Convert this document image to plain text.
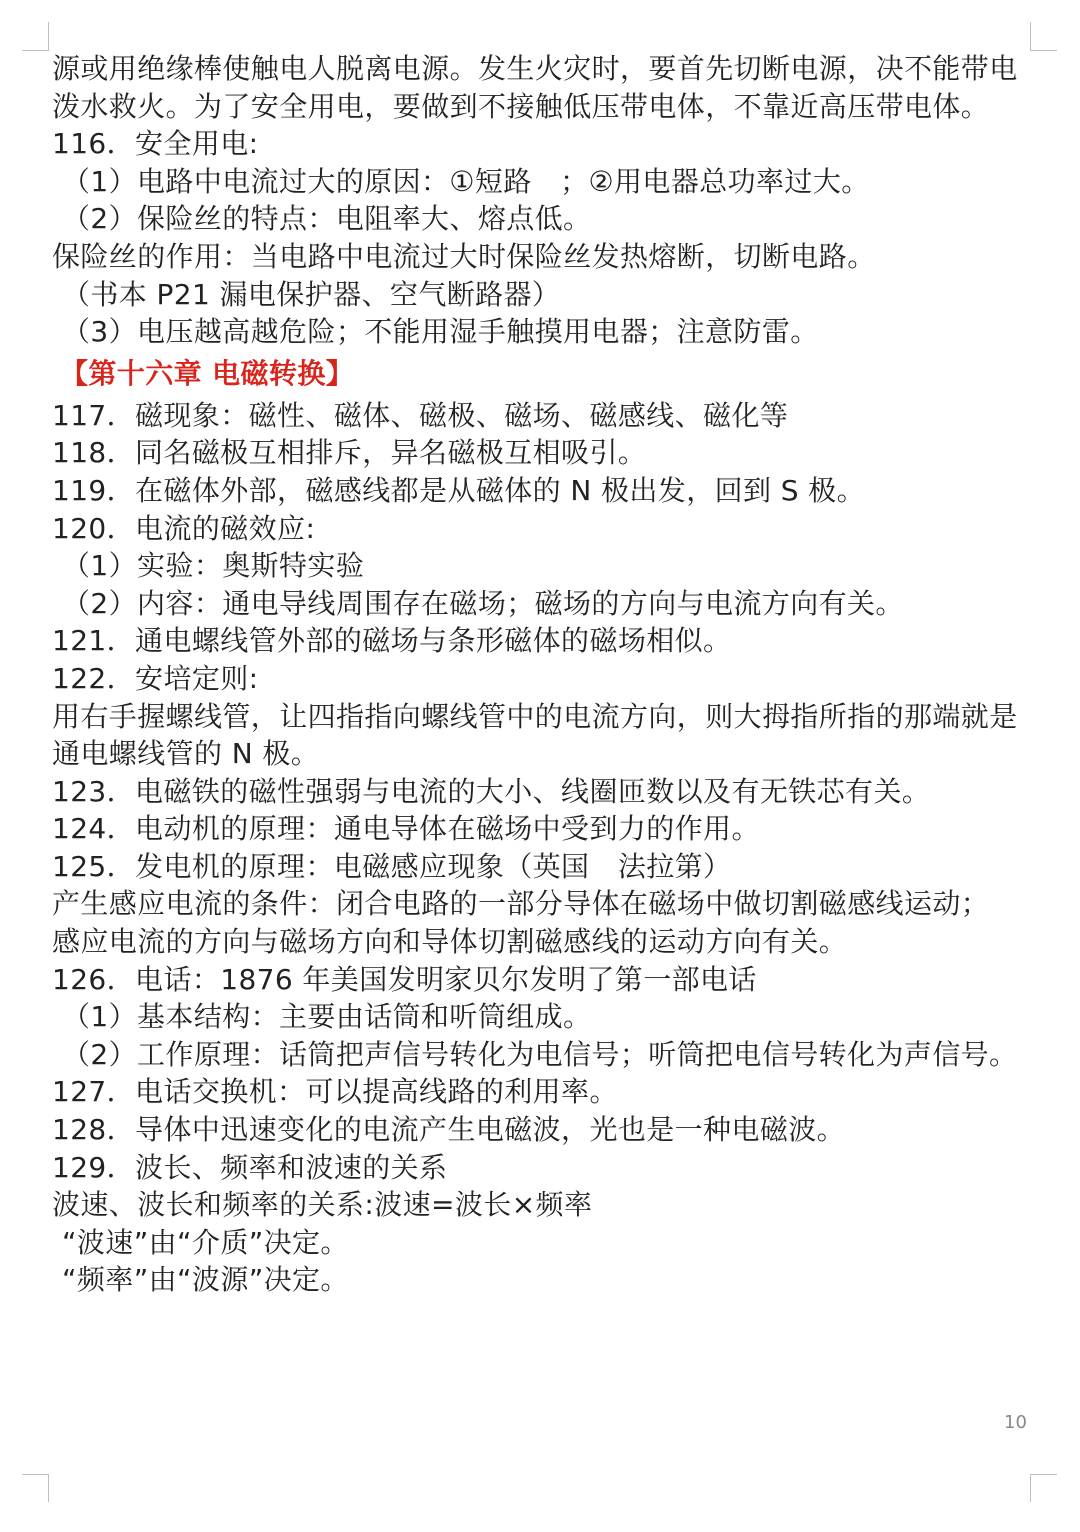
源或用绝缘棒使触电人脱离电源。发生火灾时，要首先切断电源，决不能带电泼水救火。为了安全用电，要做到不接触低压带电体，不靠近高压带电体。
116．安全用电:
（1）电路中电流过大的原因：①短路　；②用电器总功率过大。
（2）保险丝的特点：电阻率大、熔点低。
保险丝的作用：当电路中电流过大时保险丝发热熔断，切断电路。
（书本 P21 漏电保护器、空气断路器）
（3）电压越高越危险；不能用湿手触摸用电器；注意防雷。
【第十六章 电磁转换】
117．磁现象：磁性、磁体、磁极、磁场、磁感线、磁化等
118．同名磁极互相排斥，异名磁极互相吸引。
119．在磁体外部，磁感线都是从磁体的 N 极出发，回到 S 极。
120．电流的磁效应:
（1）实验：奥斯特实验
（2）内容：通电导线周围存在磁场；磁场的方向与电流方向有关。
121．通电螺线管外部的磁场与条形磁体的磁场相似。
122．安培定则:
用右手握螺线管，让四指指向螺线管中的电流方向，则大拇指所指的那端就是通电螺线管的 N 极。
123．电磁铁的磁性强弱与电流的大小、线圈匝数以及有无铁芯有关。
124．电动机的原理：通电导体在磁场中受到力的作用。
125．发电机的原理：电磁感应现象（英国　法拉第）
产生感应电流的条件：闭合电路的一部分导体在磁场中做切割磁感线运动；
感应电流的方向与磁场方向和导体切割磁感线的运动方向有关。
126．电话：1876 年美国发明家贝尔发明了第一部电话
（1）基本结构：主要由话筒和听筒组成。
（2）工作原理：话筒把声信号转化为电信号；听筒把电信号转化为声信号。
127．电话交换机：可以提高线路的利用率。
128．导体中迅速变化的电流产生电磁波，光也是一种电磁波。
129．波长、频率和波速的关系
波速、波长和频率的关系:波速=波长×频率
“波速”由“介质”决定。
“频率”由“波源”决定。
10
